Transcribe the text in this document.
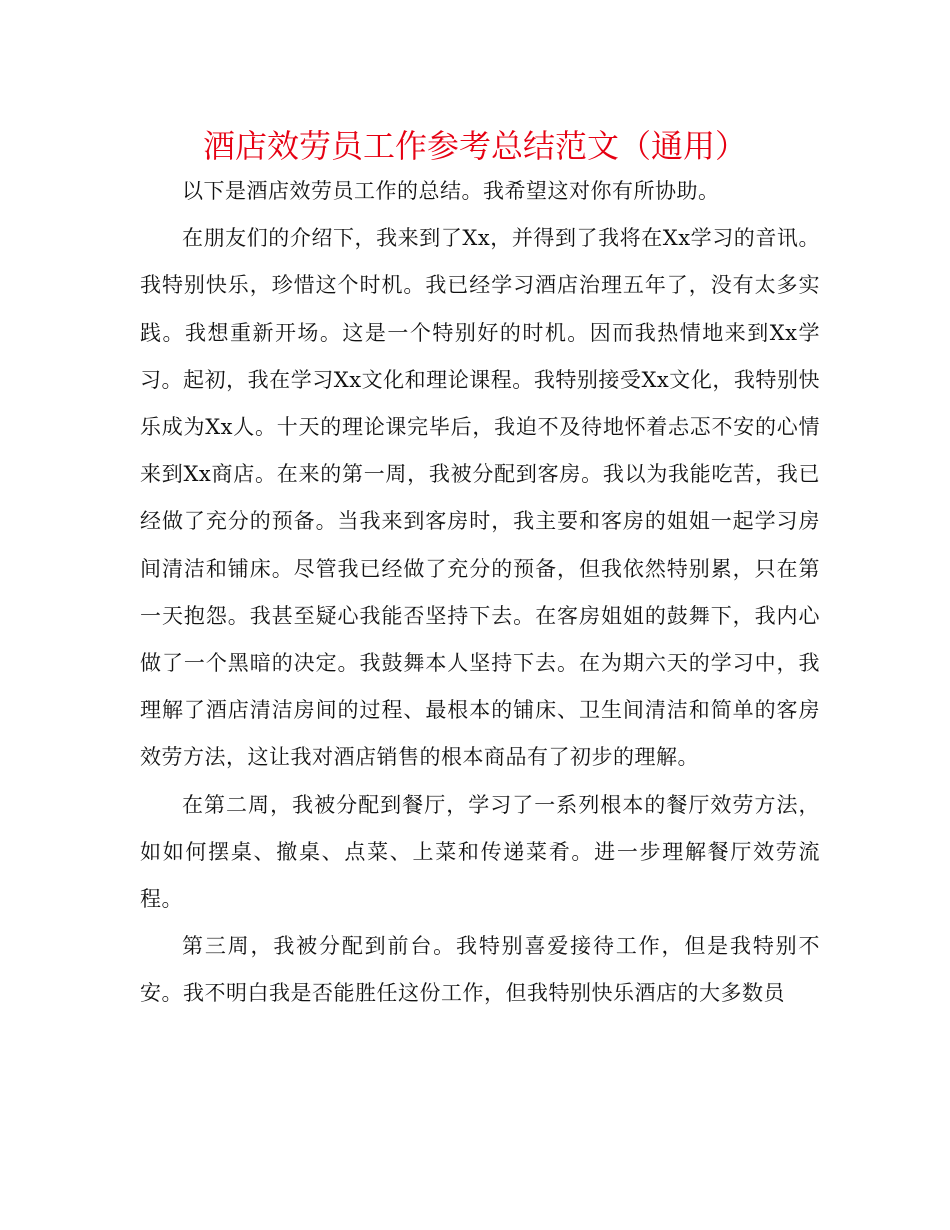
酒店效劳员工作参考总结范文（通用）

以下是酒店效劳员工作的总结。我希望这对你有所协助。

在朋友们的介绍下，我来到了Xx，并得到了我将在Xx学习的音讯。我特别快乐，珍惜这个时机。我已经学习酒店治理五年了，没有太多实践。我想重新开场。这是一个特别好的时机。因而我热情地来到Xx学习。起初，我在学习Xx文化和理论课程。我特别接受Xx文化，我特别快乐成为Xx人。十天的理论课完毕后，我迫不及待地怀着忐忑不安的心情来到Xx商店。在来的第一周，我被分配到客房。我以为我能吃苦，我已经做了充分的预备。当我来到客房时，我主要和客房的姐姐一起学习房间清洁和铺床。尽管我已经做了充分的预备，但我依然特别累，只在第一天抱怨。我甚至疑心我能否坚持下去。在客房姐姐的鼓舞下，我内心做了一个黑暗的决定。我鼓舞本人坚持下去。在为期六天的学习中，我理解了酒店清洁房间的过程、最根本的铺床、卫生间清洁和简单的客房效劳方法，这让我对酒店销售的根本商品有了初步的理解。

在第二周，我被分配到餐厅，学习了一系列根本的餐厅效劳方法，如如何摆桌、撤桌、点菜、上菜和传递菜肴。进一步理解餐厅效劳流程。

第三周，我被分配到前台。我特别喜爱接待工作，但是我特别不安。我不明白我是否能胜任这份工作，但我特别快乐酒店的大多数员
